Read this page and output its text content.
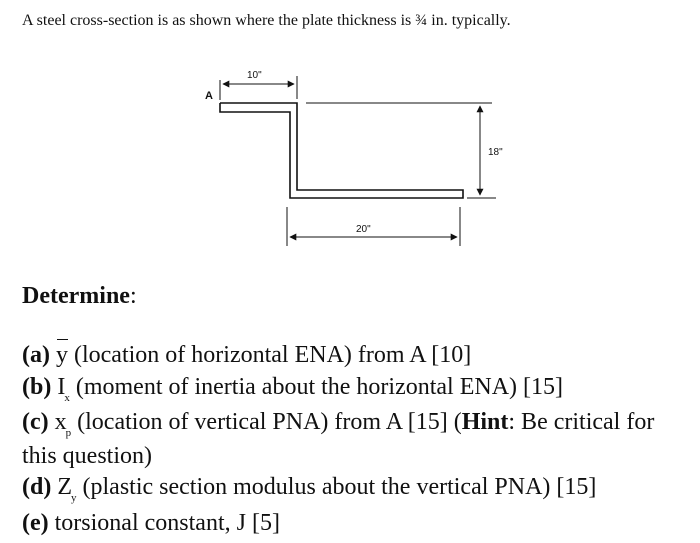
A steel cross-section is as shown where the plate thickness is ¾ in. typically.
A
10"
18"
20"
Determine:

(a) y (location of horizontal ENA) from A [10]

(b) $I_x$ (moment of inertia about the horizontal ENA) [15]

(c) $x_p$ (location of vertical PNA) from A [15] (Hint: Be critical for this question)

(d) $Z_y$ (plastic section modulus about the vertical PNA) [15]

(e) torsional constant, J [5]
